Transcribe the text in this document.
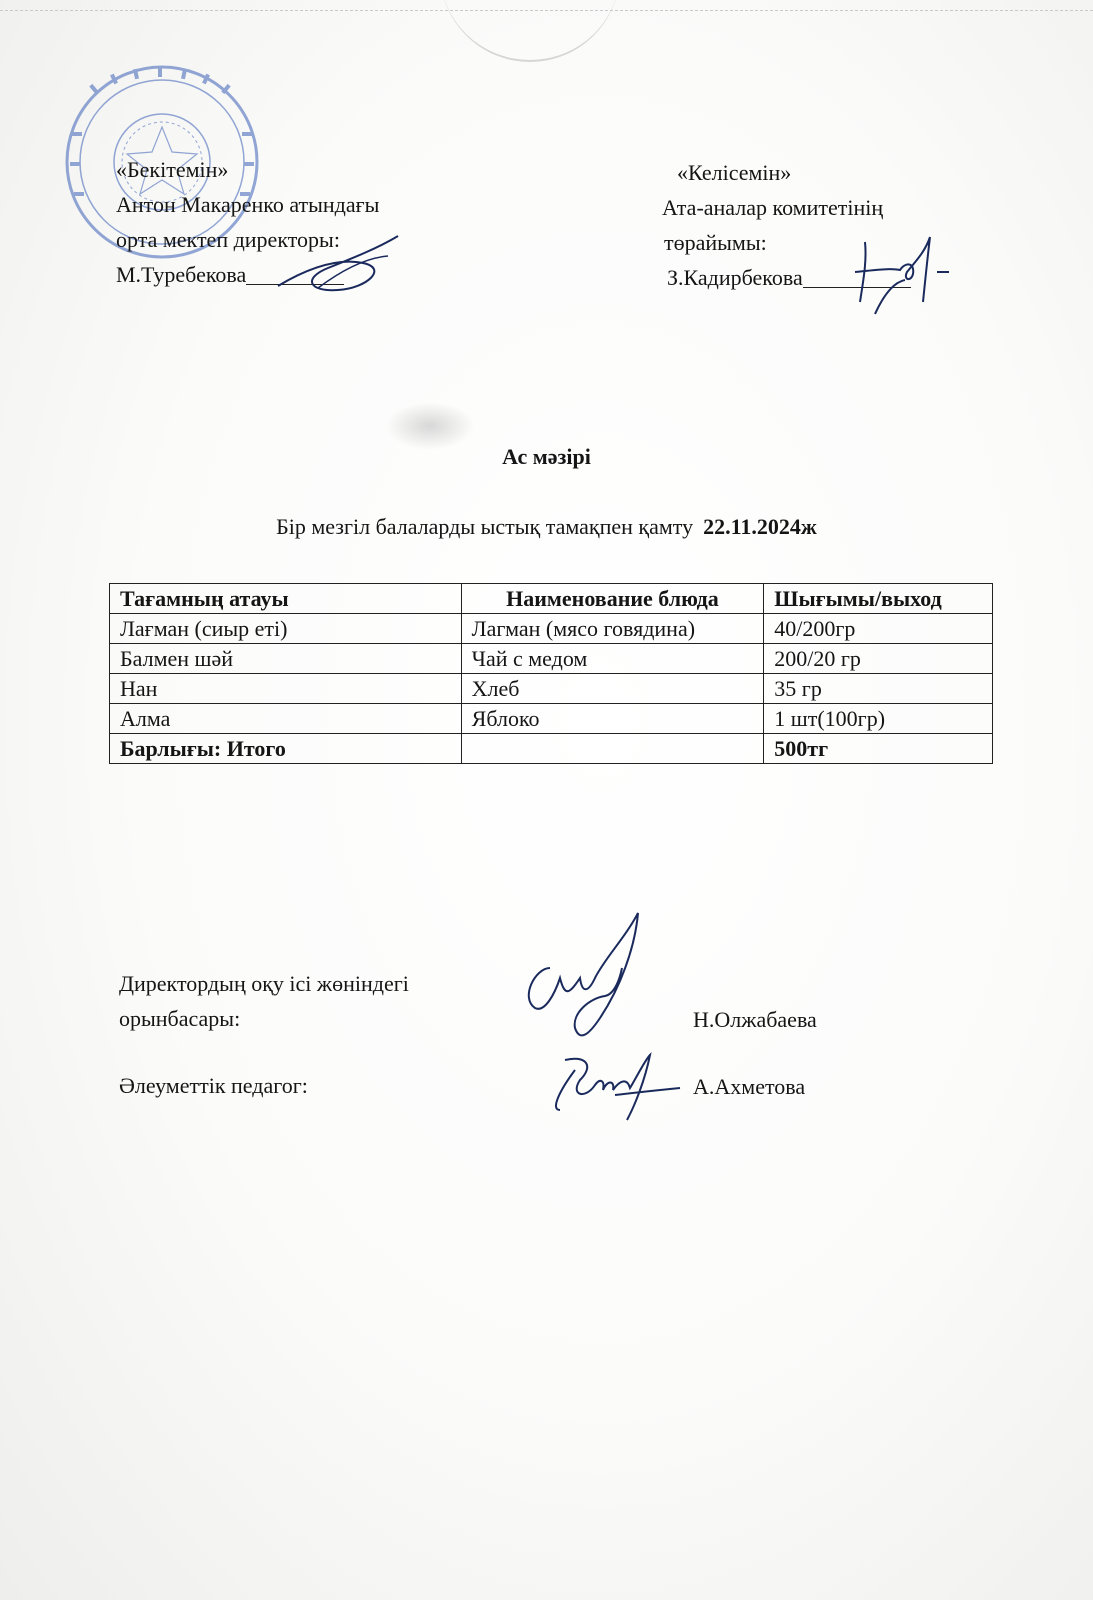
«Бекітемін»
Антон Макаренко атындағы
орта мектеп директоры:
М.Туребекова
«Келісемін»
Ата-аналар комитетінің
төрайымы:
З.Кадирбекова
Ас мәзірі
Бір мезгіл балаларды ыстық тамақпен қамту 22.11.2024ж
Тағамның атауы	Наименование блюда	Шығымы/выход
Лағман (сиыр еті)	Лагман (мясо говядина)	40/200гр
Балмен шәй	Чай с медом	200/20 гр
Нан	Хлеб	35 гр
Алма	Яблоко	1 шт(100гр)
Барлығы: Итого		500тг
Директордың оқу ісі жөніндегі
орынбасары:	Н.Олжабаева
Әлеуметтік педагог:	А.Ахметова
